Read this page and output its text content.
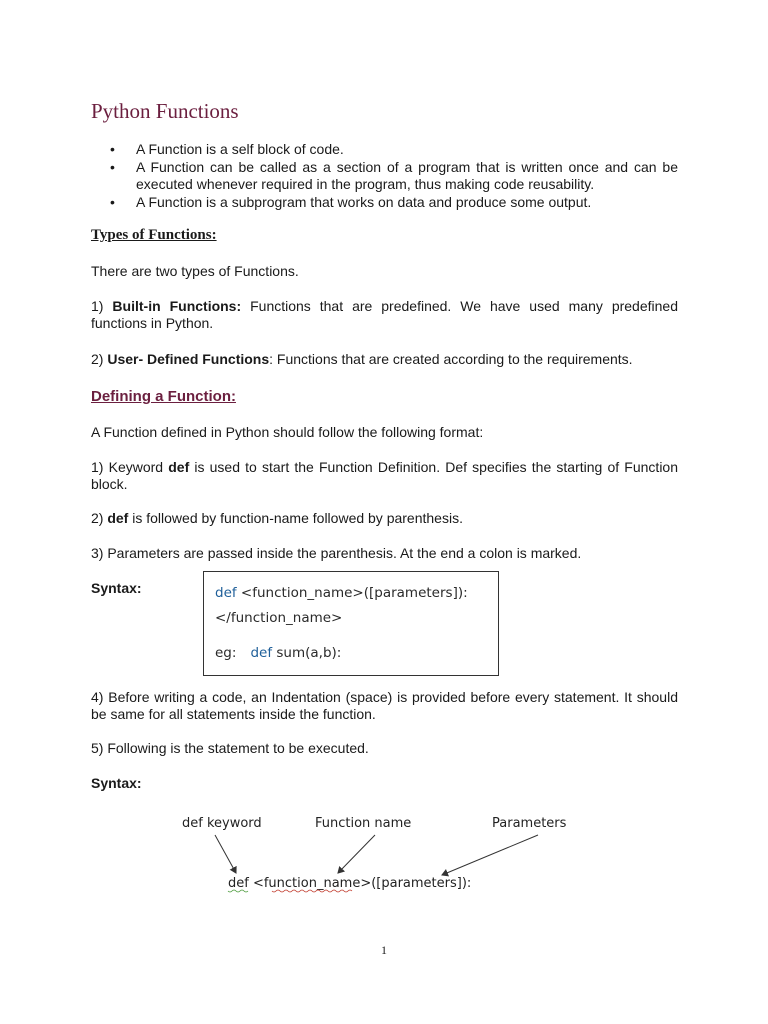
Python Functions
• A Function is a self block of code.
• A Function can be called as a section of a program that is written once and can be executed whenever required in the program, thus making code reusability.
• A Function is a subprogram that works on data and produce some output.
Types of Functions:
There are two types of Functions.
1) Built-in Functions: Functions that are predefined. We have used many predefined functions in Python.
2) User- Defined Functions: Functions that are created according to the requirements.
Defining a Function:
A Function defined in Python should follow the following format:
1) Keyword def is used to start the Function Definition. Def specifies the starting of Function block.
2) def is followed by function-name followed by parenthesis.
3) Parameters are passed inside the parenthesis. At the end a colon is marked.
Syntax:	def <function_name>([parameters]):
</function_name>
eg: def sum(a,b):
4) Before writing a code, an Indentation (space) is provided before every statement. It should be same for all statements inside the function.
5) Following is the statement to be executed.
Syntax:
def keyword	Function name	Parameters
def <function_name>([parameters]):
1
